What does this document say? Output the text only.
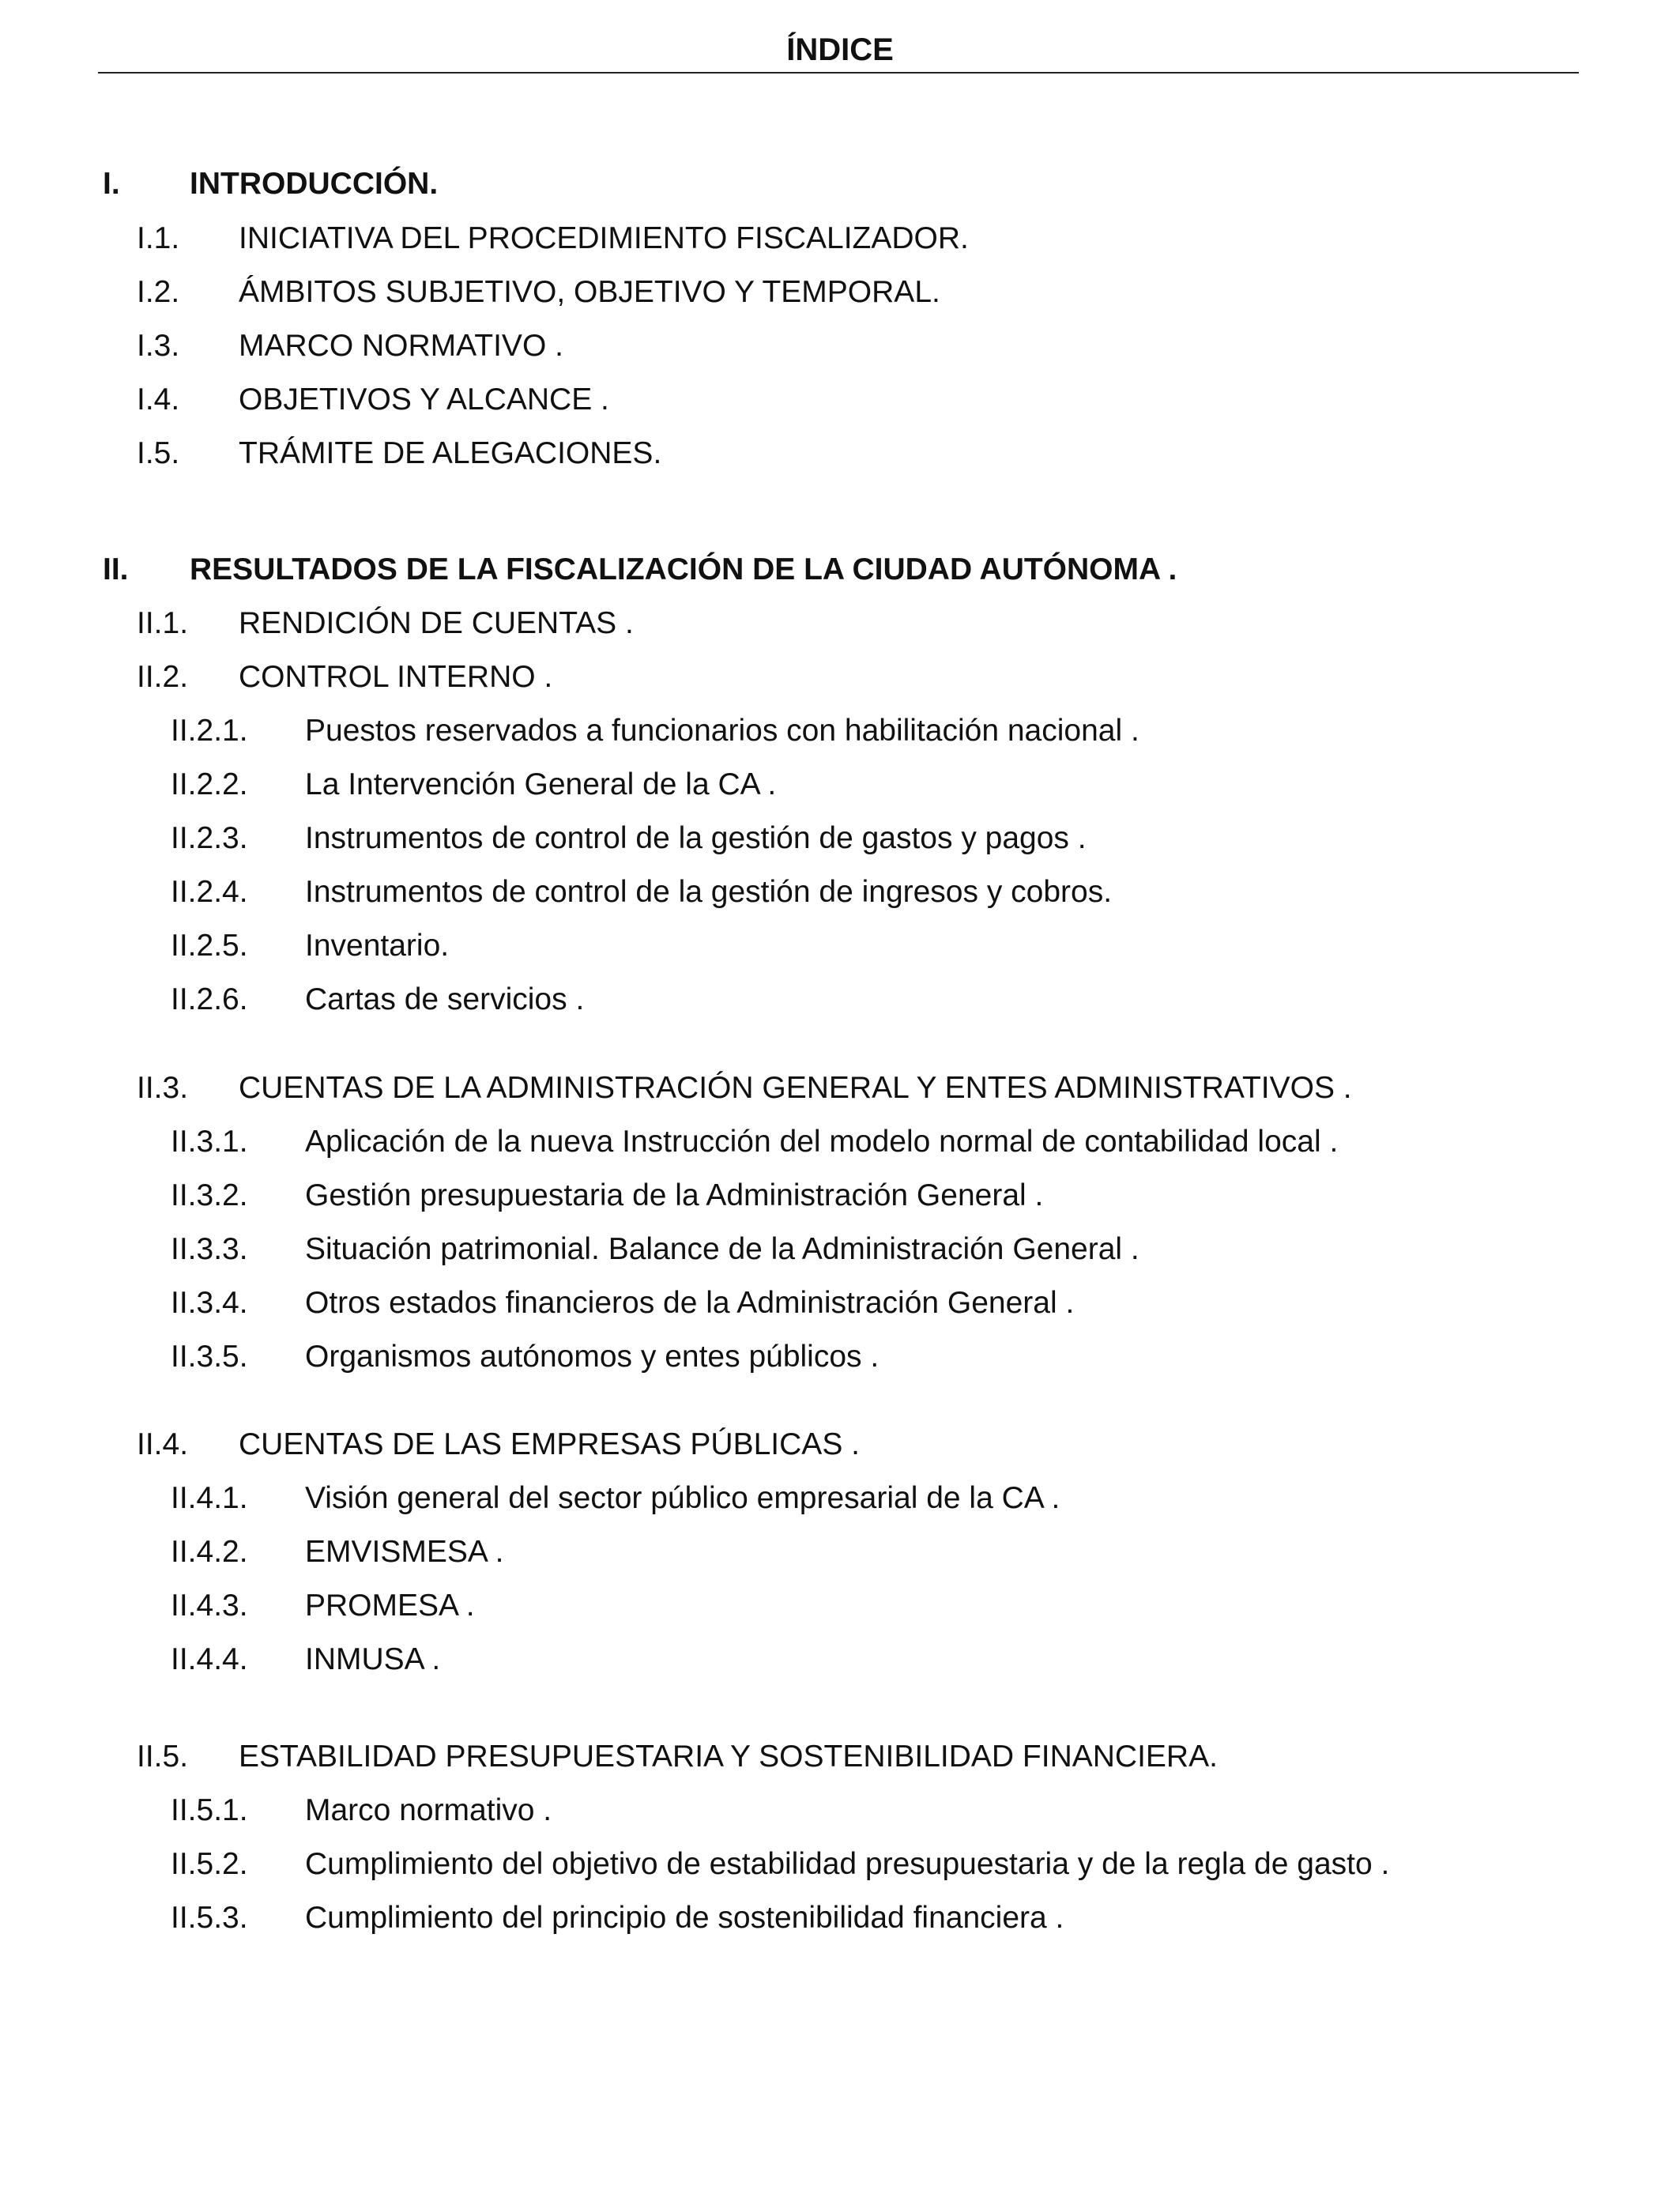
ÍNDICE
I. INTRODUCCIÓN.
I.1. INICIATIVA DEL PROCEDIMIENTO FISCALIZADOR.
I.2. ÁMBITOS SUBJETIVO, OBJETIVO Y TEMPORAL.
I.3. MARCO NORMATIVO .
I.4. OBJETIVOS Y ALCANCE .
I.5. TRÁMITE DE ALEGACIONES.
II. RESULTADOS DE LA FISCALIZACIÓN DE LA CIUDAD AUTÓNOMA .
II.1. RENDICIÓN DE CUENTAS .
II.2. CONTROL INTERNO .
II.2.1. Puestos reservados a funcionarios con habilitación nacional .
II.2.2. La Intervención General de la CA .
II.2.3. Instrumentos de control de la gestión de gastos y pagos .
II.2.4. Instrumentos de control de la gestión de ingresos y cobros.
II.2.5. Inventario.
II.2.6. Cartas de servicios .
II.3. CUENTAS DE LA ADMINISTRACIÓN GENERAL Y ENTES ADMINISTRATIVOS .
II.3.1. Aplicación de la nueva Instrucción del modelo normal de contabilidad local .
II.3.2. Gestión presupuestaria de la Administración General .
II.3.3. Situación patrimonial. Balance de la Administración General .
II.3.4. Otros estados financieros de la Administración General .
II.3.5. Organismos autónomos y entes públicos .
II.4. CUENTAS DE LAS EMPRESAS PÚBLICAS .
II.4.1. Visión general del sector público empresarial de la CA .
II.4.2. EMVISMESA .
II.4.3. PROMESA .
II.4.4. INMUSA .
II.5. ESTABILIDAD PRESUPUESTARIA Y SOSTENIBILIDAD FINANCIERA.
II.5.1. Marco normativo .
II.5.2. Cumplimiento del objetivo de estabilidad presupuestaria y de la regla de gasto .
II.5.3. Cumplimiento del principio de sostenibilidad financiera .
